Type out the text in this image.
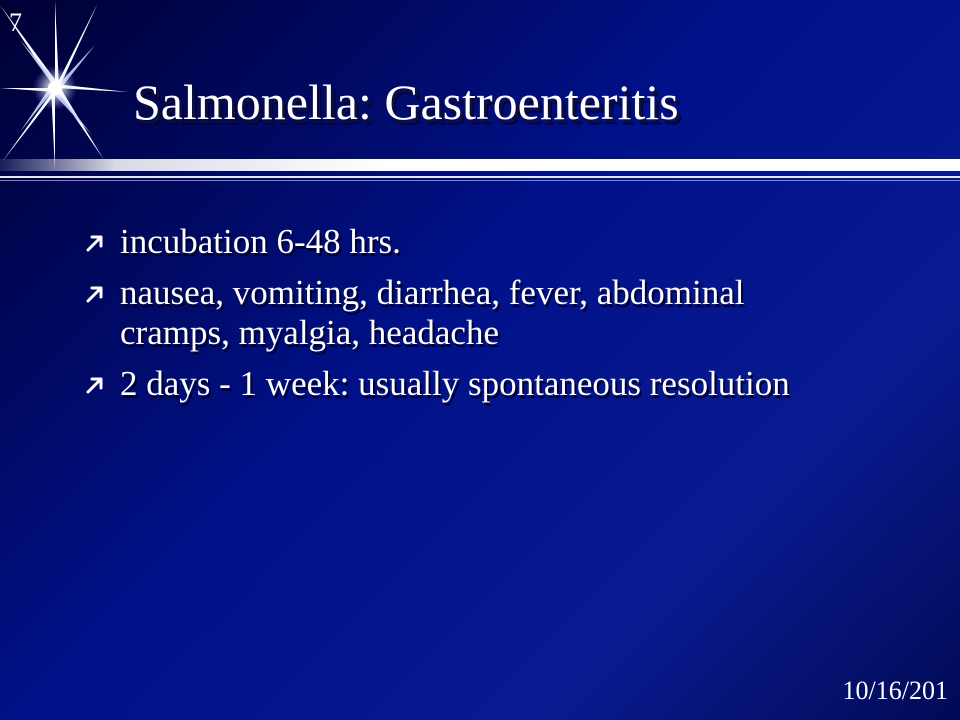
7
Salmonella: Gastroenteritis
incubation 6-48 hrs.
nausea, vomiting, diarrhea, fever, abdominal cramps, myalgia, headache
2 days - 1 week: usually spontaneous resolution
10/16/201
